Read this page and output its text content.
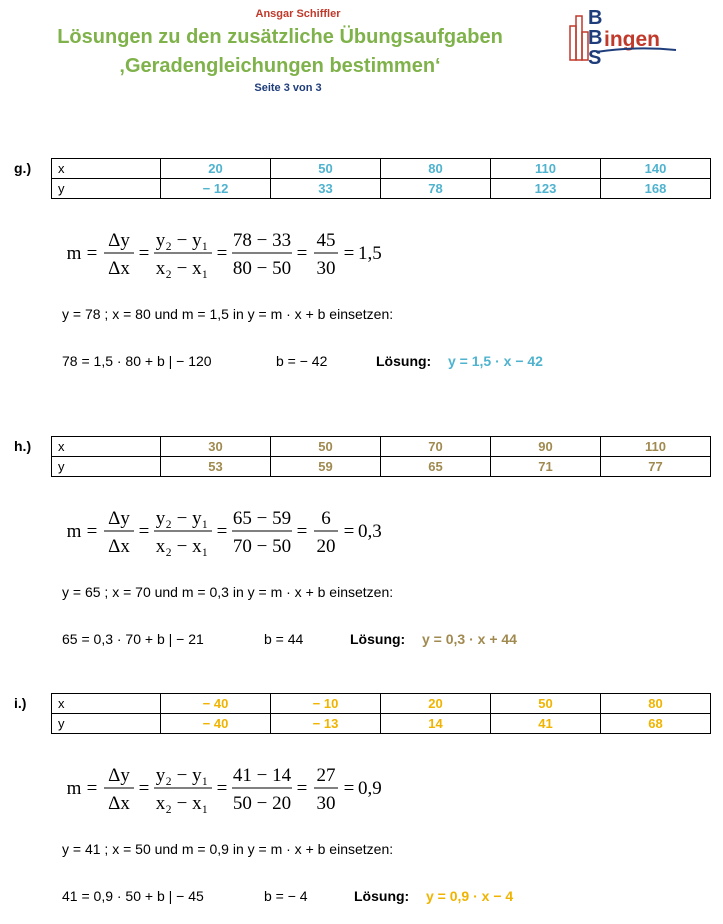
Ansgar Schiffler
Lösungen zu den zusätzliche Übungsaufgaben
‚Geradengleichungen bestimmen‘
Seite 3 von 3
B
B
S
ingen
g.) x	20	50	80	110	140
y	− 12	33	78	123	168
m =
Δy
Δx
=
y₂ − y₁
x₂ − x₁
=
78 − 33
80 − 50
=
45
30
= 1,5
y = 78 ; x = 80 und m = 1,5 in y = m · x + b einsetzen:
78 = 1,5 · 80 + b | − 120	b = − 42	Lösung: y = 1,5 · x − 42
h.) x	30	50	70	90	110
y	53	59	65	71	77
m =
Δy
Δx
=
y₂ − y₁
x₂ − x₁
=
65 − 59
70 − 50
=
6
20
= 0,3
y = 65 ; x = 70 und m = 0,3 in y = m · x + b einsetzen:
65 = 0,3 · 70 + b | − 21	b = 44	Lösung: y = 0,3 · x + 44
i.) x	− 40	− 10	20	50	80
y	− 40	− 13	14	41	68
m =
Δy
Δx
=
y₂ − y₁
x₂ − x₁
=
41 − 14
50 − 20
=
27
30
= 0,9
y = 41 ; x = 50 und m = 0,9 in y = m · x + b einsetzen:
41 = 0,9 · 50 + b | − 45	b = − 4	Lösung: y = 0,9 · x − 4
